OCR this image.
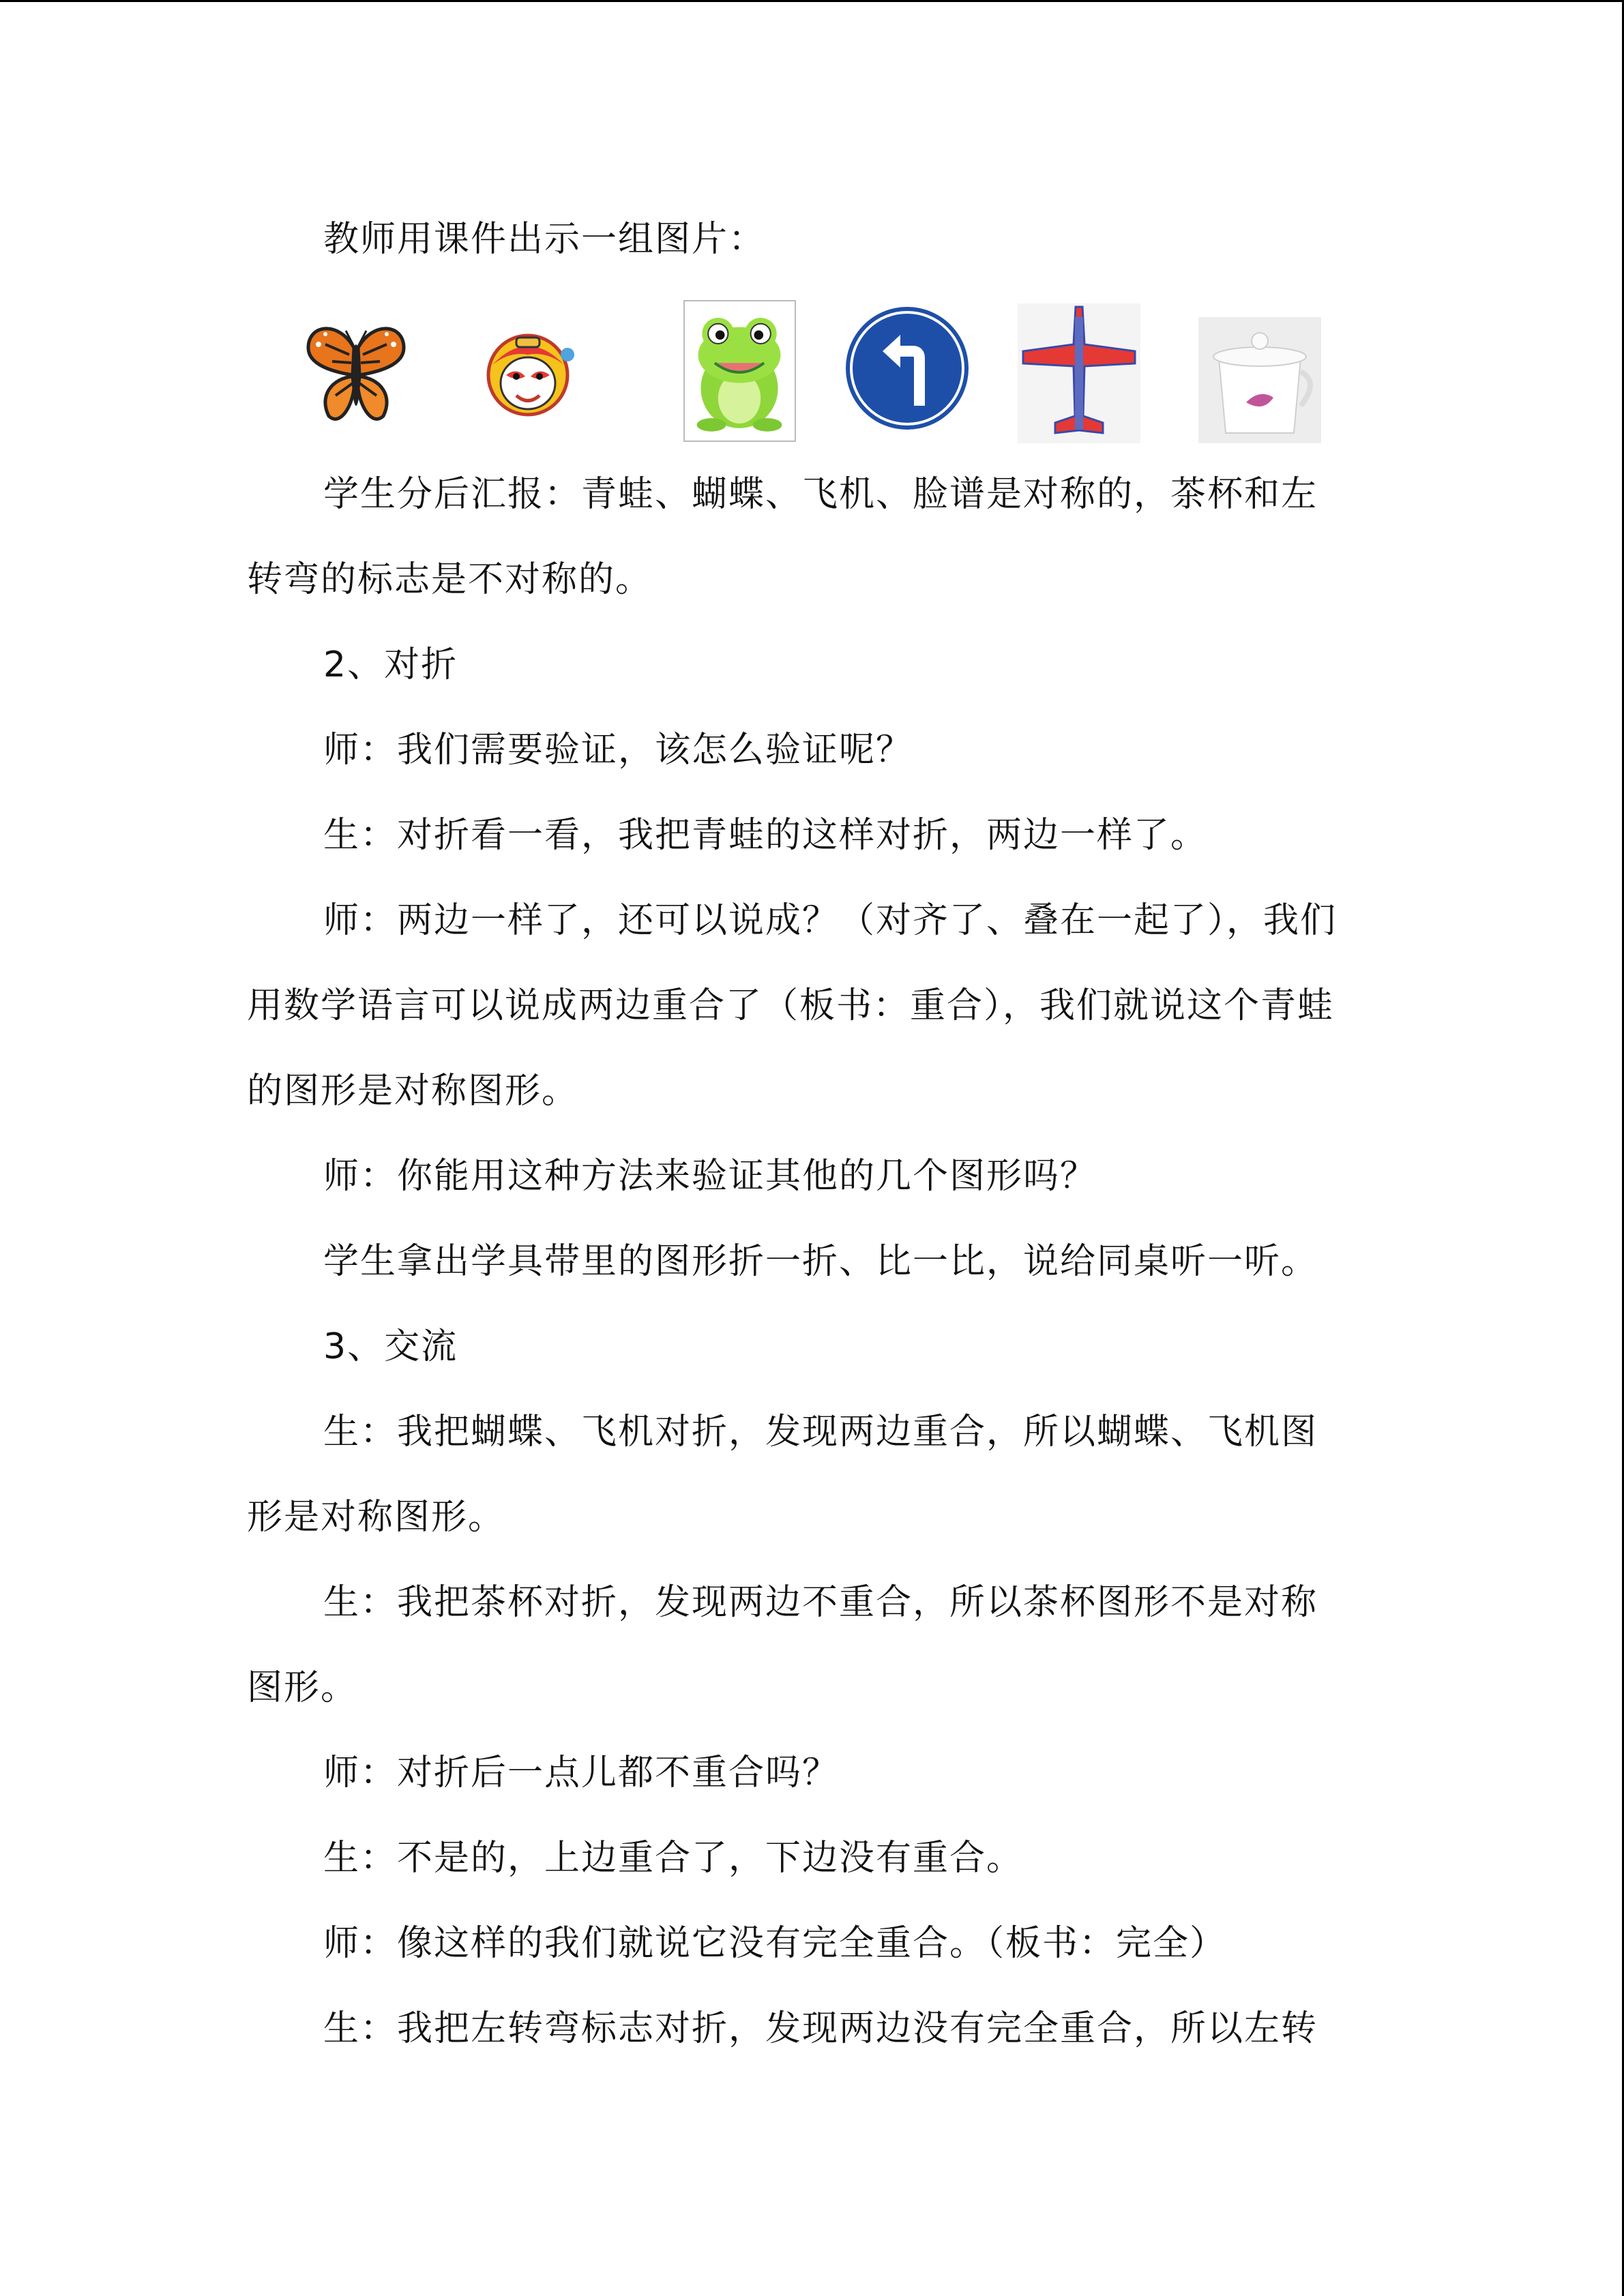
教师用课件出示一组图片：
学生分后汇报：青蛙、蝴蝶、飞机、脸谱是对称的，茶杯和左
转弯的标志是不对称的。
2、对折
师：我们需要验证，该怎么验证呢？
生：对折看一看，我把青蛙的这样对折，两边一样了。
师：两边一样了，还可以说成？（对齐了、叠在一起了），我们
用数学语言可以说成两边重合了（板书：重合），我们就说这个青蛙
的图形是对称图形。
师：你能用这种方法来验证其他的几个图形吗？
学生拿出学具带里的图形折一折、比一比，说给同桌听一听。
3、交流
生：我把蝴蝶、飞机对折，发现两边重合，所以蝴蝶、飞机图
形是对称图形。
生：我把茶杯对折，发现两边不重合，所以茶杯图形不是对称
图形。
师：对折后一点儿都不重合吗？
生：不是的，上边重合了，下边没有重合。
师：像这样的我们就说它没有完全重合。（板书：完全）
生：我把左转弯标志对折，发现两边没有完全重合，所以左转
